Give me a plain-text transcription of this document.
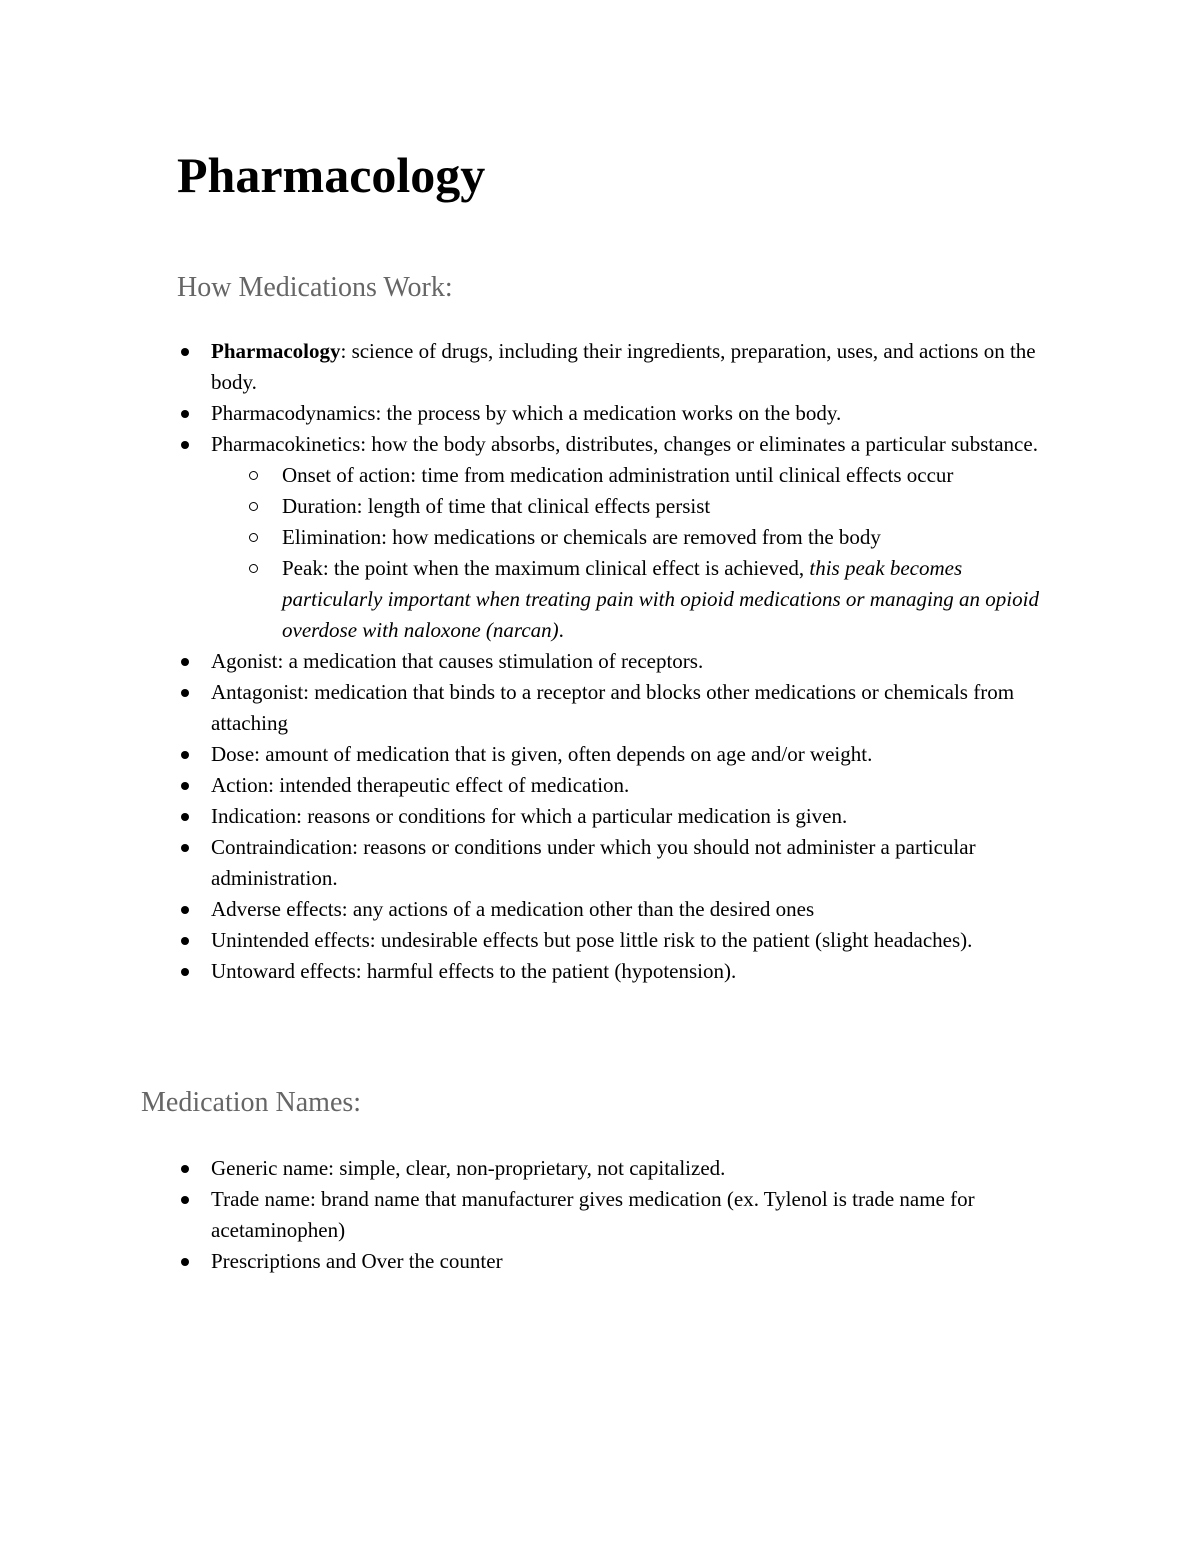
Pharmacology
How Medications Work:
Pharmacology: science of drugs, including their ingredients, preparation, uses, and actions on the body.
Pharmacodynamics: the process by which a medication works on the body.
Pharmacokinetics: how the body absorbs, distributes, changes or eliminates a particular substance.
Onset of action: time from medication administration until clinical effects occur
Duration: length of time that clinical effects persist
Elimination: how medications or chemicals are removed from the body
Peak: the point when the maximum clinical effect is achieved, this peak becomes particularly important when treating pain with opioid medications or managing an opioid overdose with naloxone (narcan).
Agonist: a medication that causes stimulation of receptors.
Antagonist: medication that binds to a receptor and blocks other medications or chemicals from attaching
Dose: amount of medication that is given, often depends on age and/or weight.
Action: intended therapeutic effect of medication.
Indication: reasons or conditions for which a particular medication is given.
Contraindication: reasons or conditions under which you should not administer a particular administration.
Adverse effects: any actions of a medication other than the desired ones
Unintended effects: undesirable effects but pose little risk to the patient (slight headaches).
Untoward effects: harmful effects to the patient (hypotension).
Medication Names:
Generic name: simple, clear, non-proprietary, not capitalized.
Trade name: brand name that manufacturer gives medication (ex. Tylenol is trade name for acetaminophen)
Prescriptions and Over the counter
